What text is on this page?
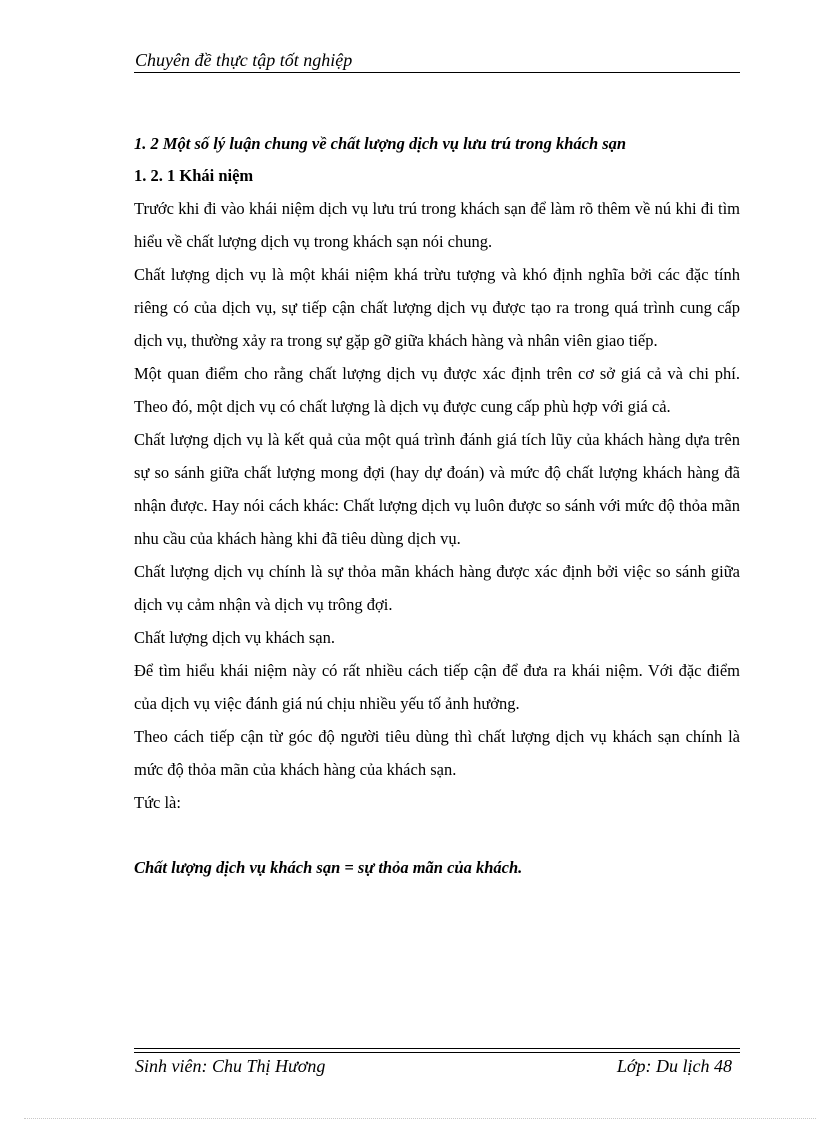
Chuyên đề thực tập tốt nghiệp
1. 2 Một số lý luận chung về chất lượng dịch vụ lưu trú trong khách sạn
1. 2. 1 Khái niệm

Trước khi đi vào khái niệm dịch vụ lưu trú trong khách sạn để làm rõ thêm về nú khi đi tìm hiểu về chất lượng dịch vụ trong khách sạn nói chung.

Chất lượng dịch vụ là một khái niệm khá trừu tượng và khó định nghĩa bởi các đặc tính riêng có của dịch vụ, sự tiếp cận chất lượng dịch vụ được tạo ra trong quá trình cung cấp dịch vụ, thường xảy ra trong sự gặp gỡ giữa khách hàng và nhân viên giao tiếp.

Một quan điểm cho rằng chất lượng dịch vụ được xác định trên cơ sở giá cả và chi phí. Theo đó, một dịch vụ có chất lượng là dịch vụ được cung cấp phù hợp với giá cả.

Chất lượng dịch vụ là kết quả của một quá trình đánh giá tích lũy của khách hàng dựa trên sự so sánh giữa chất lượng mong đợi (hay dự đoán) và mức độ chất lượng khách hàng đã nhận được. Hay nói cách khác: Chất lượng dịch vụ luôn được so sánh với mức độ thỏa mãn nhu cầu của khách hàng khi đã tiêu dùng dịch vụ.

Chất lượng dịch vụ chính là sự thỏa mãn khách hàng được xác định bởi việc so sánh giữa dịch vụ cảm nhận và dịch vụ trông đợi.

Chất lượng dịch vụ khách sạn.

Để tìm hiểu khái niệm này có rất nhiều cách tiếp cận để đưa ra khái niệm. Với đặc điểm của dịch vụ việc đánh giá nú chịu nhiều yếu tố ảnh hưởng.

Theo cách tiếp cận từ góc độ người tiêu dùng thì chất lượng dịch vụ khách sạn chính là mức độ thỏa mãn của khách hàng của khách sạn.

Tức là:

Chất lượng dịch vụ khách sạn = sự thỏa mãn của khách.
Sinh viên: Chu Thị Hương	Lớp: Du lịch 48
